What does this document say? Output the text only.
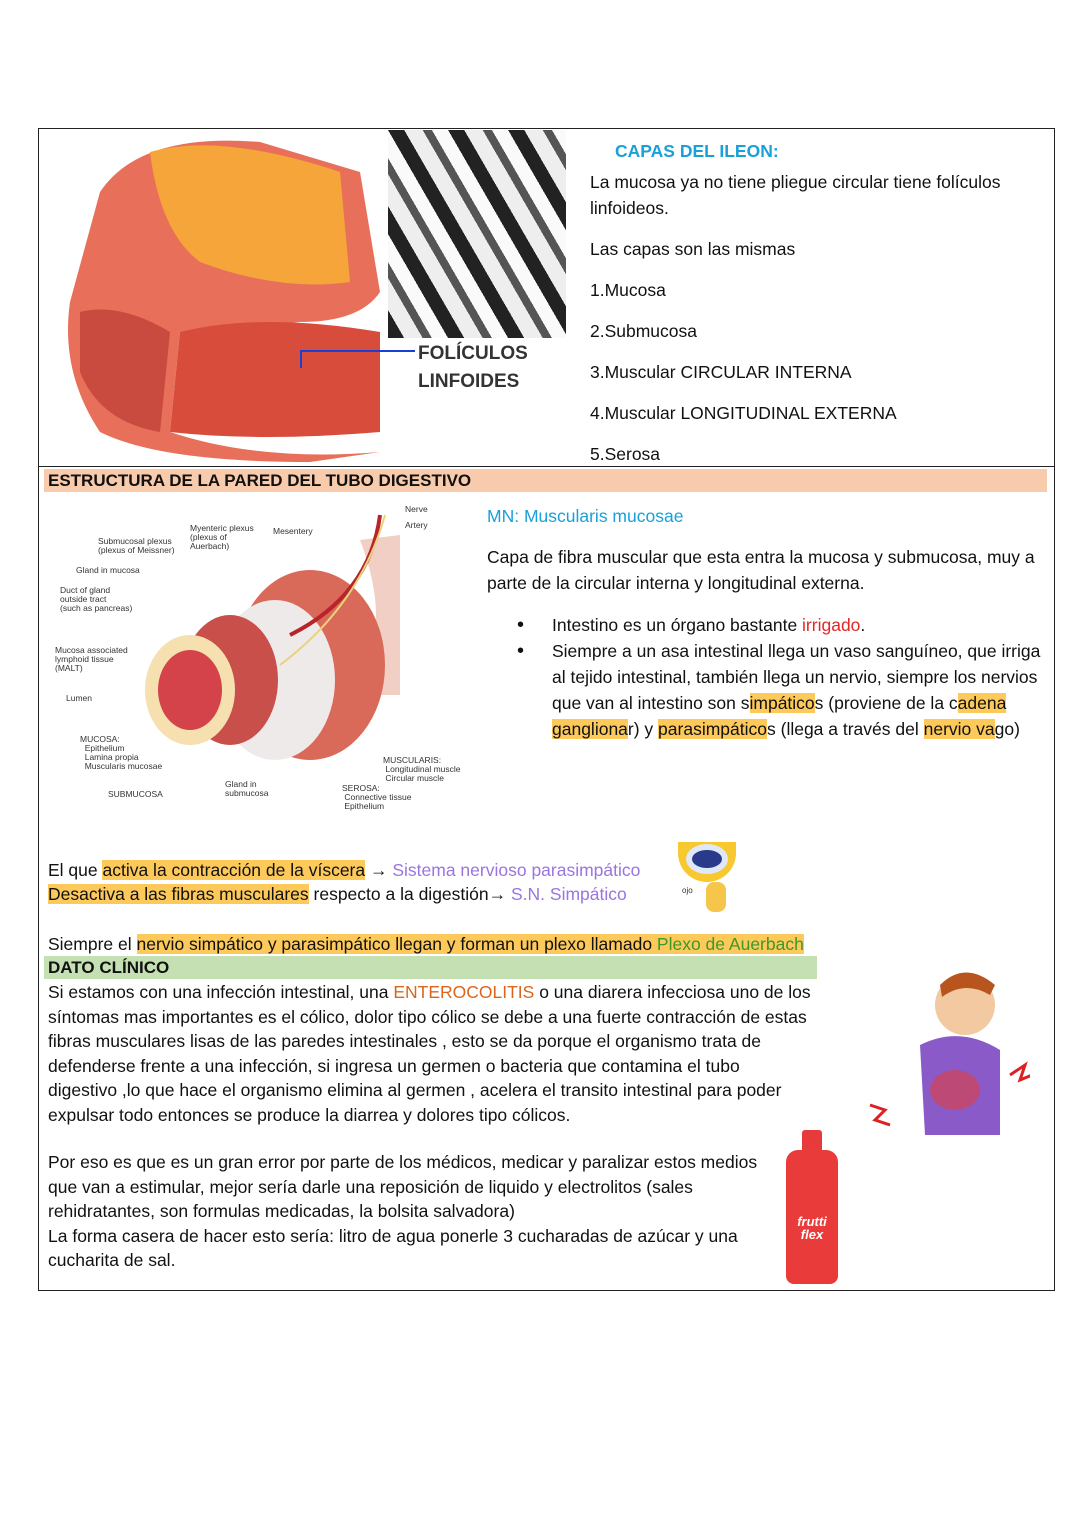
FOLÍCULOS
LINFOIDES
CAPAS DEL ILEON:
La mucosa ya no tiene pliegue circular tiene folículos linfoideos.
Las capas son las mismas
1.Mucosa
2.Submucosa
3.Muscular CIRCULAR INTERNA
4.Muscular LONGITUDINAL EXTERNA
5.Serosa
ESTRUCTURA DE LA PARED DEL TUBO DIGESTIVO
Nerve
Artery
Mesentery
Myenteric plexus
(plexus of
Auerbach)
Submucosal plexus
(plexus of Meissner)
Gland in mucosa
Duct of gland
outside tract
(such as pancreas)
Mucosa associated
lymphoid tissue
(MALT)
Lumen
MUCOSA:
Epithelium
Lamina propia
Muscularis mucosae
SUBMUCOSA
Gland in
submucosa	SEROSA:
Connective tissue
Epithelium
MUSCULARIS:
Longitudinal muscle
Circular muscle
MN: Muscularis mucosae
Capa de fibra muscular que esta entra la mucosa y submucosa, muy a parte de la circular interna y longitudinal externa.
• Intestino es un órgano bastante irrigado.
• Siempre a un asa intestinal llega un vaso sanguíneo, que irriga al tejido intestinal, también llega un nervio, siempre los nervios que van al intestino son simpáticos (proviene de la cadena ganglionar) y parasimpáticos (llega a través del nervio vago)
El que activa la contracción de la víscera → Sistema nervioso parasimpático
Desactiva a las fibras musculares respecto a la digestión→ S.N. Simpático
Siempre el nervio simpático y parasimpático llegan y forman un plexo llamado Plexo de Auerbach
ojo
DATO CLÍNICO
Si estamos con una infección intestinal, una ENTEROCOLITIS o una diarera infecciosa uno de los síntomas mas importantes es el cólico, dolor tipo cólico se debe a una fuerte contracción de estas fibras musculares lisas de las paredes intestinales , esto se da porque el organismo trata de defenderse frente a una infección, si ingresa un germen o bacteria que contamina el tubo digestivo ,lo que hace el organismo elimina al germen , acelera el transito intestinal para poder expulsar todo entonces se produce la diarrea y dolores tipo cólicos.
Por eso es que es un gran error por parte de los médicos, medicar y paralizar estos medios que van a estimular, mejor sería darle una reposición de liquido y electrolitos (sales rehidratantes, son formulas medicadas, la bolsita salvadora)
La forma casera de hacer esto sería: litro de agua ponerle 3 cucharadas de azúcar y una cucharita de sal.
frutti flex
